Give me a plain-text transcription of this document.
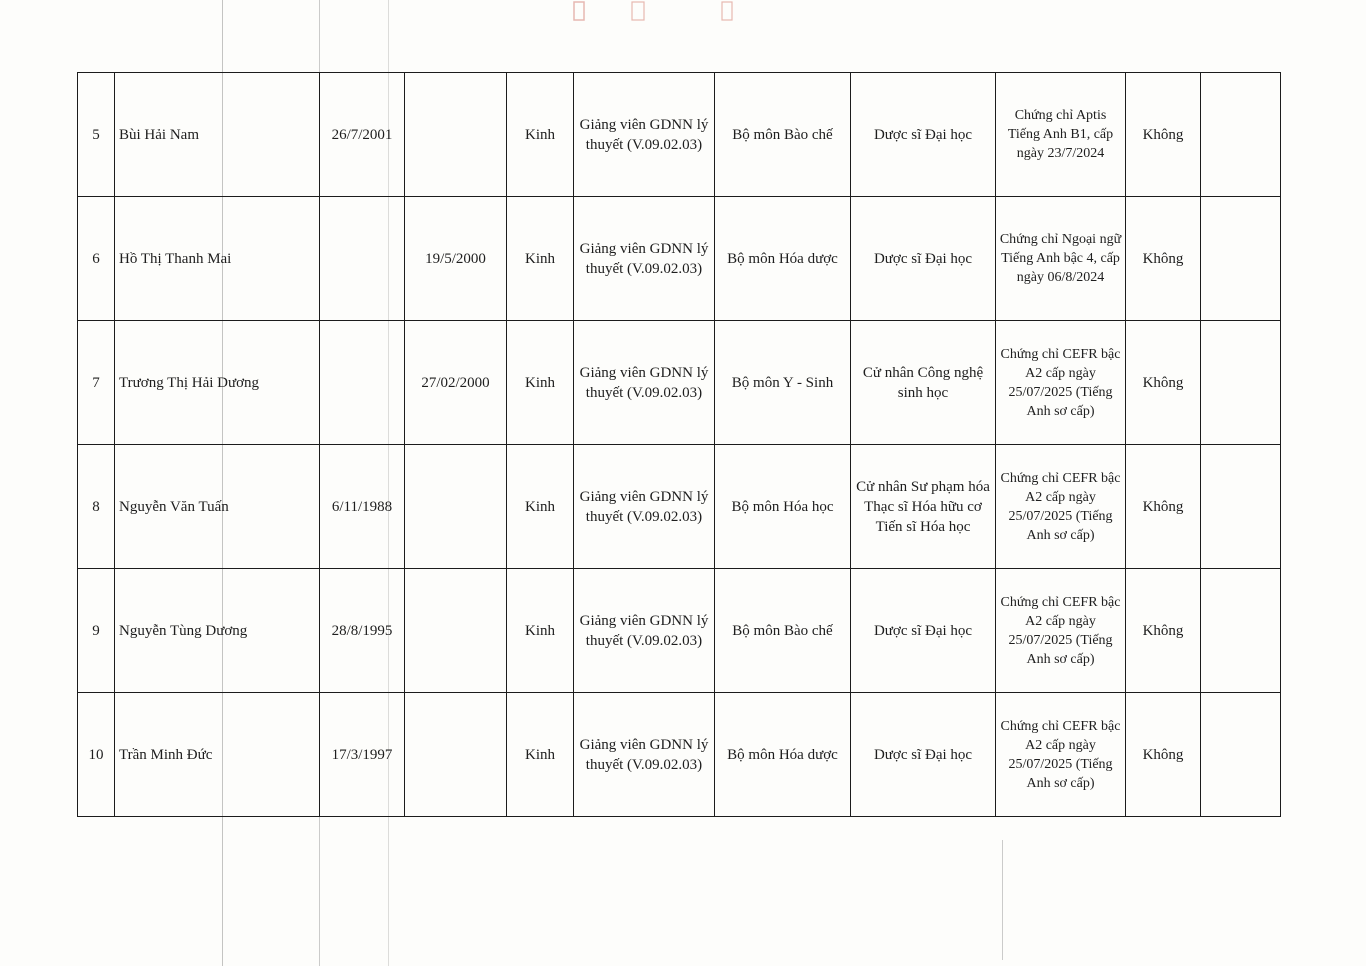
5	Bùi Hải Nam	26/7/2001		Kinh	Giảng viên GDNN lý thuyết (V.09.02.03)	Bộ môn Bào chế	Dược sĩ Đại học	Chứng chỉ Aptis Tiếng Anh B1, cấp ngày 23/7/2024	Không	
6	Hồ Thị Thanh Mai		19/5/2000	Kinh	Giảng viên GDNN lý thuyết (V.09.02.03)	Bộ môn Hóa dược	Dược sĩ Đại học	Chứng chỉ Ngoại ngữ Tiếng Anh bậc 4, cấp ngày 06/8/2024	Không	
7	Trương Thị Hải Dương		27/02/2000	Kinh	Giảng viên GDNN lý thuyết (V.09.02.03)	Bộ môn Y - Sinh	Cử nhân Công nghệ sinh học	Chứng chỉ CEFR bậc A2 cấp ngày 25/07/2025 (Tiếng Anh sơ cấp)	Không	
8	Nguyễn Văn Tuấn	6/11/1988		Kinh	Giảng viên GDNN lý thuyết (V.09.02.03)	Bộ môn Hóa học	Cử nhân Sư phạm hóa Thạc sĩ Hóa hữu cơ Tiến sĩ Hóa học	Chứng chỉ CEFR bậc A2 cấp ngày 25/07/2025 (Tiếng Anh sơ cấp)	Không	
9	Nguyễn Tùng Dương	28/8/1995		Kinh	Giảng viên GDNN lý thuyết (V.09.02.03)	Bộ môn Bào chế	Dược sĩ Đại học	Chứng chỉ CEFR bậc A2 cấp ngày 25/07/2025 (Tiếng Anh sơ cấp)	Không	
10	Trần Minh Đức	17/3/1997		Kinh	Giảng viên GDNN lý thuyết (V.09.02.03)	Bộ môn Hóa dược	Dược sĩ Đại học	Chứng chỉ CEFR bậc A2 cấp ngày 25/07/2025 (Tiếng Anh sơ cấp)	Không	
